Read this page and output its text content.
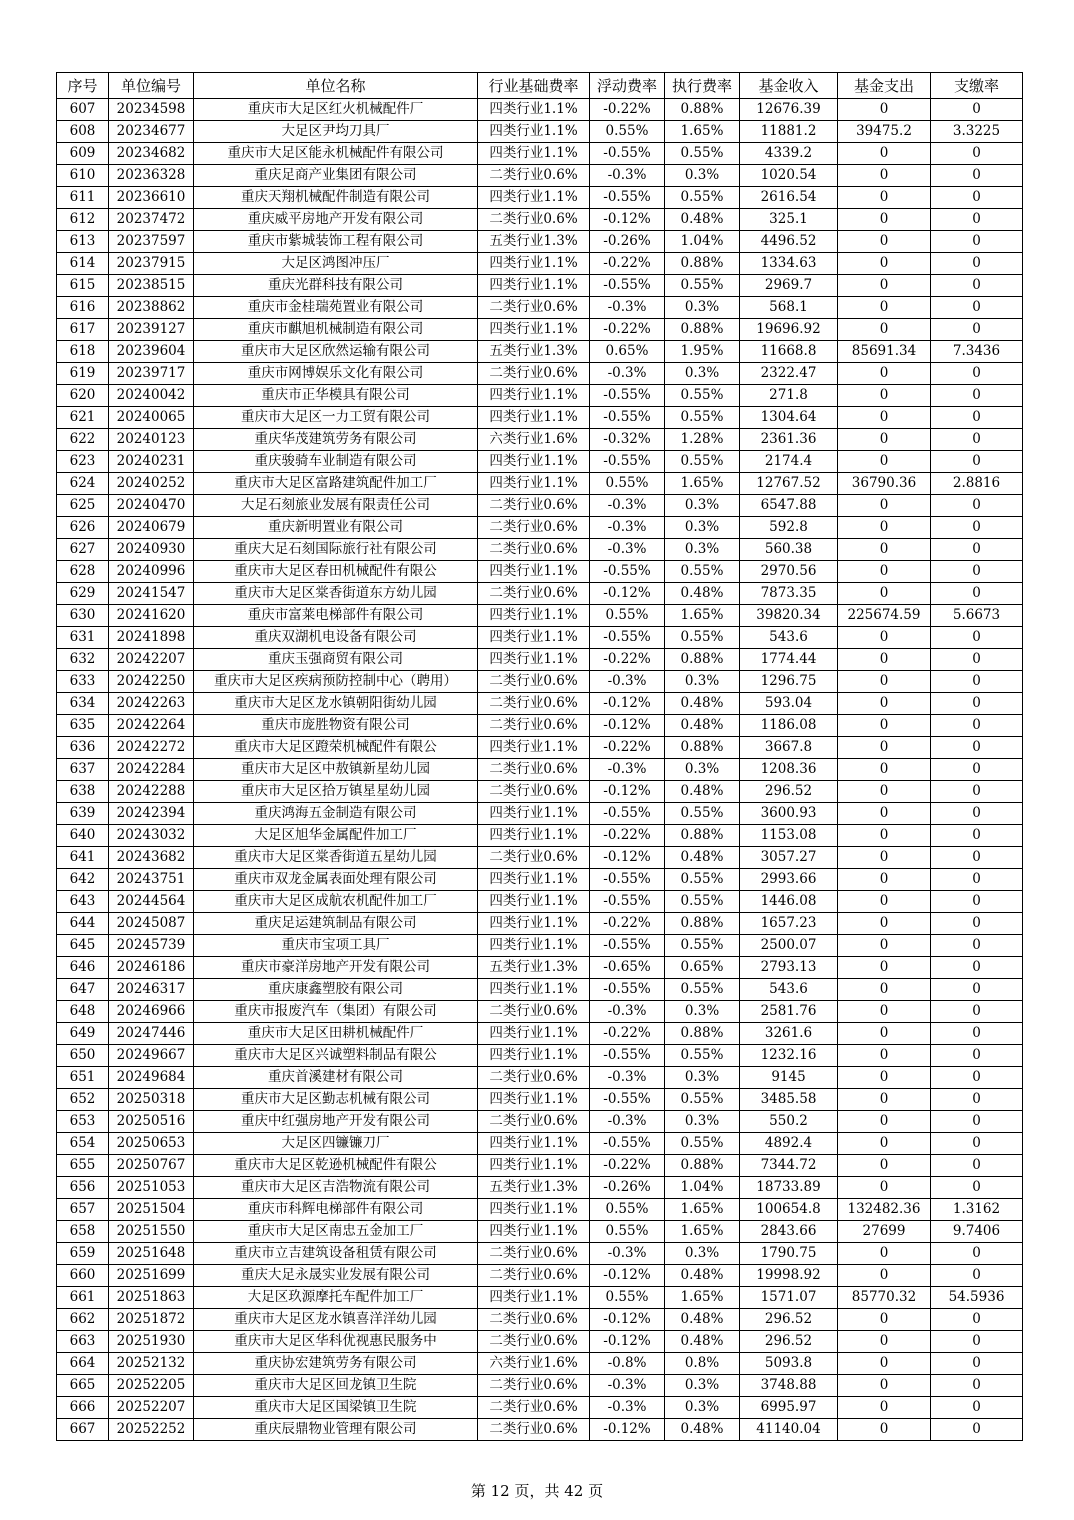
序号	单位编号	单位名称	行业基础费率	浮动费率	执行费率	基金收入	基金支出	支缴率
607	20234598	重庆市大足区红火机械配件厂	四类行业1.1%	-0.22%	0.88%	12676.39	0	0
608	20234677	大足区尹均刀具厂	四类行业1.1%	0.55%	1.65%	11881.2	39475.2	3.3225
609	20234682	重庆市大足区能永机械配件有限公司	四类行业1.1%	-0.55%	0.55%	4339.2	0	0
610	20236328	重庆足商产业集团有限公司	二类行业0.6%	-0.3%	0.3%	1020.54	0	0
611	20236610	重庆天翔机械配件制造有限公司	四类行业1.1%	-0.55%	0.55%	2616.54	0	0
612	20237472	重庆威平房地产开发有限公司	二类行业0.6%	-0.12%	0.48%	325.1	0	0
613	20237597	重庆市紫城装饰工程有限公司	五类行业1.3%	-0.26%	1.04%	4496.52	0	0
614	20237915	大足区鸿图冲压厂	四类行业1.1%	-0.22%	0.88%	1334.63	0	0
615	20238515	重庆光群科技有限公司	四类行业1.1%	-0.55%	0.55%	2969.7	0	0
616	20238862	重庆市金桂瑞苑置业有限公司	二类行业0.6%	-0.3%	0.3%	568.1	0	0
617	20239127	重庆市麒旭机械制造有限公司	四类行业1.1%	-0.22%	0.88%	19696.92	0	0
618	20239604	重庆市大足区欣然运输有限公司	五类行业1.3%	0.65%	1.95%	11668.8	85691.34	7.3436
619	20239717	重庆市网博娱乐文化有限公司	二类行业0.6%	-0.3%	0.3%	2322.47	0	0
620	20240042	重庆市正华模具有限公司	四类行业1.1%	-0.55%	0.55%	271.8	0	0
621	20240065	重庆市大足区一力工贸有限公司	四类行业1.1%	-0.55%	0.55%	1304.64	0	0
622	20240123	重庆华茂建筑劳务有限公司	六类行业1.6%	-0.32%	1.28%	2361.36	0	0
623	20240231	重庆骏骑车业制造有限公司	四类行业1.1%	-0.55%	0.55%	2174.4	0	0
624	20240252	重庆市大足区富路建筑配件加工厂	四类行业1.1%	0.55%	1.65%	12767.52	36790.36	2.8816
625	20240470	大足石刻旅业发展有限责任公司	二类行业0.6%	-0.3%	0.3%	6547.88	0	0
626	20240679	重庆新明置业有限公司	二类行业0.6%	-0.3%	0.3%	592.8	0	0
627	20240930	重庆大足石刻国际旅行社有限公司	二类行业0.6%	-0.3%	0.3%	560.38	0	0
628	20240996	重庆市大足区春田机械配件有限公	四类行业1.1%	-0.55%	0.55%	2970.56	0	0
629	20241547	重庆市大足区棠香街道东方幼儿园	二类行业0.6%	-0.12%	0.48%	7873.35	0	0
630	20241620	重庆市富莱电梯部件有限公司	四类行业1.1%	0.55%	1.65%	39820.34	225674.59	5.6673
631	20241898	重庆双湖机电设备有限公司	四类行业1.1%	-0.55%	0.55%	543.6	0	0
632	20242207	重庆玉强商贸有限公司	四类行业1.1%	-0.22%	0.88%	1774.44	0	0
633	20242250	重庆市大足区疾病预防控制中心（聘用）	二类行业0.6%	-0.3%	0.3%	1296.75	0	0
634	20242263	重庆市大足区龙水镇朝阳街幼儿园	二类行业0.6%	-0.12%	0.48%	593.04	0	0
635	20242264	重庆市庞胜物资有限公司	二类行业0.6%	-0.12%	0.48%	1186.08	0	0
636	20242272	重庆市大足区蹬荣机械配件有限公	四类行业1.1%	-0.22%	0.88%	3667.8	0	0
637	20242284	重庆市大足区中敖镇新星幼儿园	二类行业0.6%	-0.3%	0.3%	1208.36	0	0
638	20242288	重庆市大足区拾万镇星星幼儿园	二类行业0.6%	-0.12%	0.48%	296.52	0	0
639	20242394	重庆鸿海五金制造有限公司	四类行业1.1%	-0.55%	0.55%	3600.93	0	0
640	20243032	大足区旭华金属配件加工厂	四类行业1.1%	-0.22%	0.88%	1153.08	0	0
641	20243682	重庆市大足区棠香街道五星幼儿园	二类行业0.6%	-0.12%	0.48%	3057.27	0	0
642	20243751	重庆市双龙金属表面处理有限公司	四类行业1.1%	-0.55%	0.55%	2993.66	0	0
643	20244564	重庆市大足区成航农机配件加工厂	四类行业1.1%	-0.55%	0.55%	1446.08	0	0
644	20245087	重庆足运建筑制品有限公司	四类行业1.1%	-0.22%	0.88%	1657.23	0	0
645	20245739	重庆市宝项工具厂	四类行业1.1%	-0.55%	0.55%	2500.07	0	0
646	20246186	重庆市豪洋房地产开发有限公司	五类行业1.3%	-0.65%	0.65%	2793.13	0	0
647	20246317	重庆康鑫塑胶有限公司	四类行业1.1%	-0.55%	0.55%	543.6	0	0
648	20246966	重庆市报废汽车（集团）有限公司	二类行业0.6%	-0.3%	0.3%	2581.76	0	0
649	20247446	重庆市大足区田耕机械配件厂	四类行业1.1%	-0.22%	0.88%	3261.6	0	0
650	20249667	重庆市大足区兴诚塑料制品有限公	四类行业1.1%	-0.55%	0.55%	1232.16	0	0
651	20249684	重庆首溪建材有限公司	二类行业0.6%	-0.3%	0.3%	9145	0	0
652	20250318	重庆市大足区勤志机械有限公司	四类行业1.1%	-0.55%	0.55%	3485.58	0	0
653	20250516	重庆中红强房地产开发有限公司	二类行业0.6%	-0.3%	0.3%	550.2	0	0
654	20250653	大足区四镰镰刀厂	四类行业1.1%	-0.55%	0.55%	4892.4	0	0
655	20250767	重庆市大足区乾逊机械配件有限公	四类行业1.1%	-0.22%	0.88%	7344.72	0	0
656	20251053	重庆市大足区吉浩物流有限公司	五类行业1.3%	-0.26%	1.04%	18733.89	0	0
657	20251504	重庆市科辉电梯部件有限公司	四类行业1.1%	0.55%	1.65%	100654.8	132482.36	1.3162
658	20251550	重庆市大足区南忠五金加工厂	四类行业1.1%	0.55%	1.65%	2843.66	27699	9.7406
659	20251648	重庆市立吉建筑设备租赁有限公司	二类行业0.6%	-0.3%	0.3%	1790.75	0	0
660	20251699	重庆大足永晟实业发展有限公司	二类行业0.6%	-0.12%	0.48%	19998.92	0	0
661	20251863	大足区玖源摩托车配件加工厂	四类行业1.1%	0.55%	1.65%	1571.07	85770.32	54.5936
662	20251872	重庆市大足区龙水镇喜洋洋幼儿园	二类行业0.6%	-0.12%	0.48%	296.52	0	0
663	20251930	重庆市大足区华科优视惠民服务中	二类行业0.6%	-0.12%	0.48%	296.52	0	0
664	20252132	重庆协宏建筑劳务有限公司	六类行业1.6%	-0.8%	0.8%	5093.8	0	0
665	20252205	重庆市大足区回龙镇卫生院	二类行业0.6%	-0.3%	0.3%	3748.88	0	0
666	20252207	重庆市大足区国梁镇卫生院	二类行业0.6%	-0.3%	0.3%	6995.97	0	0
667	20252252	重庆辰鼎物业管理有限公司	二类行业0.6%	-0.12%	0.48%	41140.04	0	0
第 12 页，共 42 页
